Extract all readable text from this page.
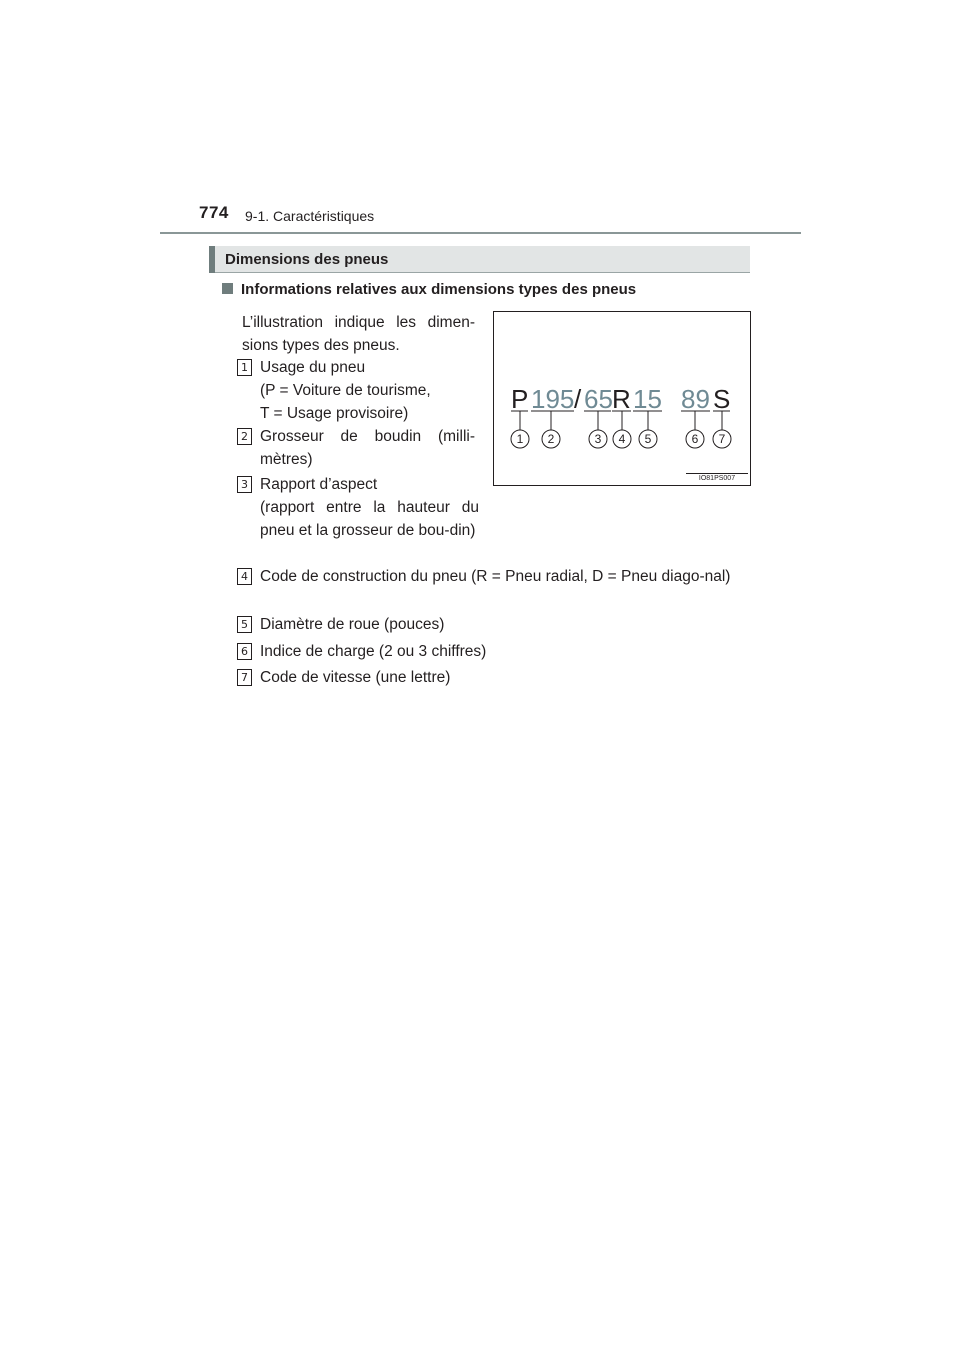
774 9-1. Caractéristiques
Dimensions des pneus
Informations relatives aux dimensions types des pneus
L’illustration indique les dimen-sions types des pneus.
1 Usage du pneu
(P = Voiture de tourisme,
T = Usage provisoire)
2 Grosseur de boudin (milli-mètres)
3 Rapport d’aspect
(rapport entre la hauteur du pneu et la grosseur de bou-din)
4 Code de construction du pneu (R = Pneu radial, D = Pneu diago-nal)
5 Diamètre de roue (pouces)
6 Indice de charge (2 ou 3 chiffres)
7 Code de vitesse (une lettre)
P 195 / 65 R 15 89 S
1 2	3 4 5	6 7
IO81PS007
